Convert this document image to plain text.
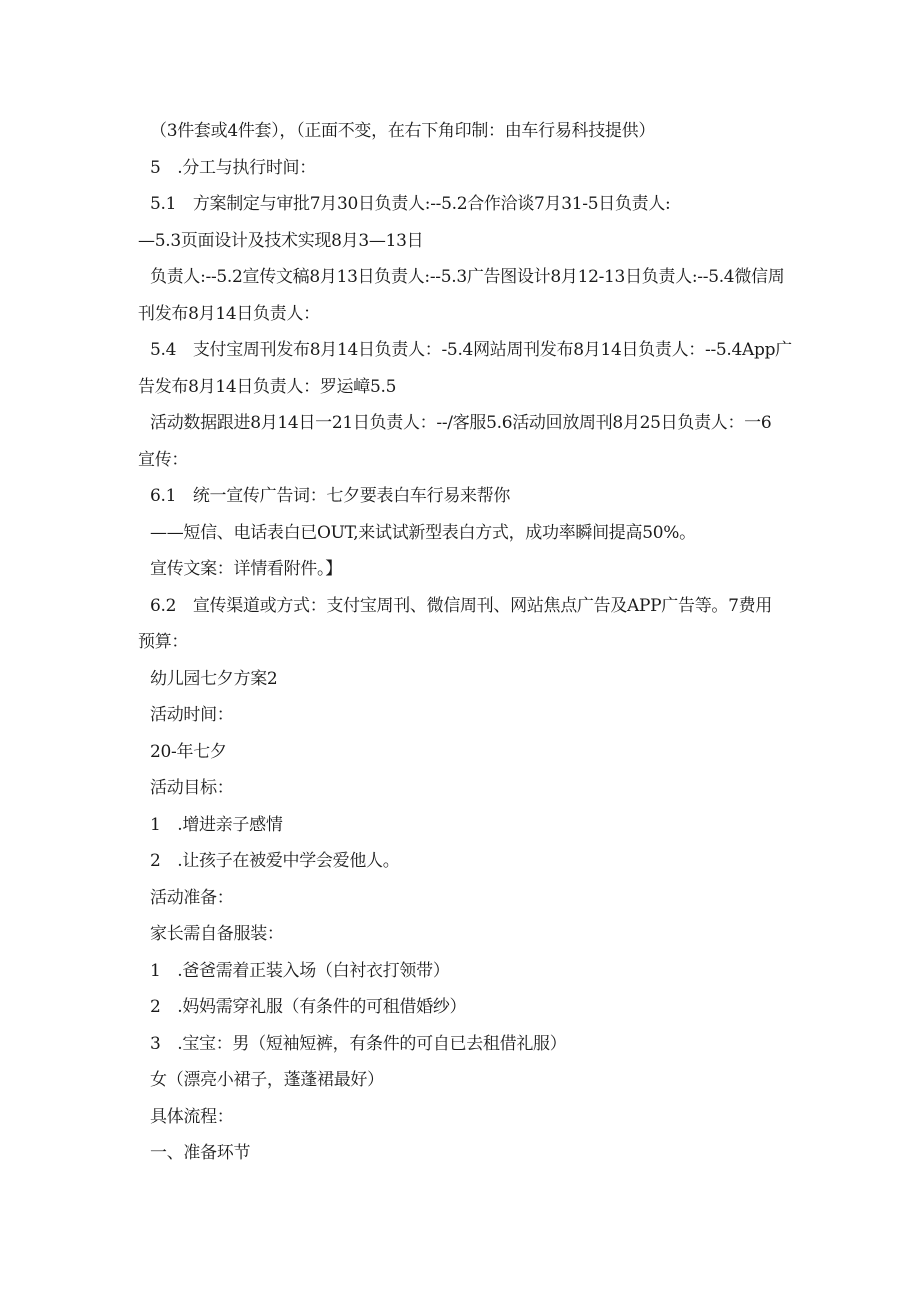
（3件套或4件套），（正面不变，在右下角印制：由车行易科技提供）
5　.分工与执行时间：
5.1　方案制定与审批7月30日负责人:--5.2合作洽谈7月31-5日负责人:
—5.3页面设计及技术实现8月3—13日
负责人:--5.2宣传文稿8月13日负责人:--5.3广告图设计8月12-13日负责人:--5.4微信周
刊发布8月14日负责人：
5.4　支付宝周刊发布8月14日负责人：-5.4网站周刊发布8月14日负责人：--5.4App广
告发布8月14日负责人：罗运嶂5.5
活动数据跟进8月14日一21日负责人：--/客服5.6活动回放周刊8月25日负责人：一6
宣传：
6.1　统一宣传广告词：七夕要表白车行易来帮你
——短信、电话表白已OUT,来试试新型表白方式，成功率瞬间提高50%。
宣传文案：详情看附件。】
6.2　宣传渠道或方式：支付宝周刊、微信周刊、网站焦点广告及APP广告等。7费用
预算：
幼儿园七夕方案2
活动时间：
20-年七夕
活动目标：
1　.增进亲子感情
2　.让孩子在被爱中学会爱他人。
活动准备：
家长需自备服装：
1　.爸爸需着正装入场（白衬衣打领带）
2　.妈妈需穿礼服（有条件的可租借婚纱）
3　.宝宝：男（短袖短裤，有条件的可自已去租借礼服）
女（漂亮小裙子，蓬蓬裙最好）
具体流程：
一、准备环节
